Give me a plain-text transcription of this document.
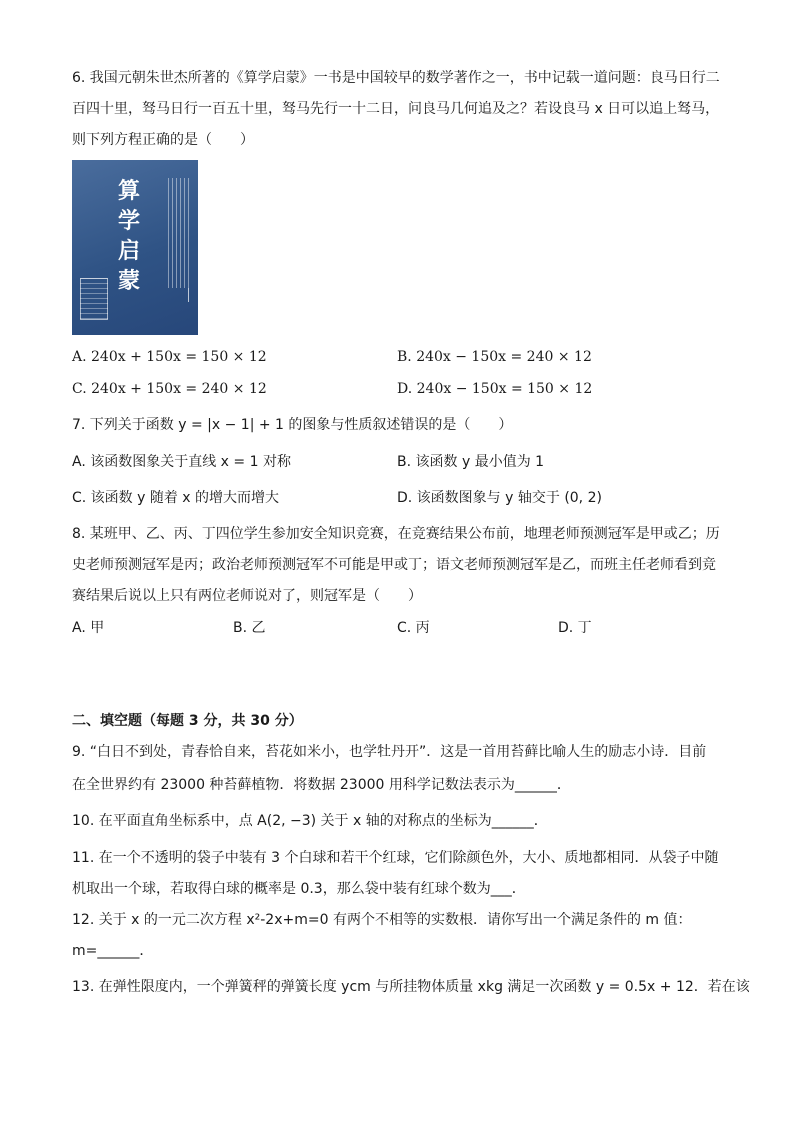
6. 我国元朝朱世杰所著的《算学启蒙》一书是中国较早的数学著作之一，书中记载一道问题：良马日行二
百四十里，驽马日行一百五十里，驽马先行一十二日，问良马几何追及之？若设良马 x 日可以追上驽马，
则下列方程正确的是（　　）
算
学
启
蒙
A. 240x + 150x = 150 × 12	B. 240x − 150x = 240 × 12
C. 240x + 150x = 240 × 12	D. 240x − 150x = 150 × 12
7. 下列关于函数 y = |x − 1| + 1 的图象与性质叙述错误的是（　　）
A. 该函数图象关于直线 x = 1 对称	B. 该函数 y 最小值为 1
C. 该函数 y 随着 x 的增大而增大	D. 该函数图象与 y 轴交于 (0, 2)
8. 某班甲、乙、丙、丁四位学生参加安全知识竞赛，在竞赛结果公布前，地理老师预测冠军是甲或乙；历
史老师预测冠军是丙；政治老师预测冠军不可能是甲或丁；语文老师预测冠军是乙，而班主任老师看到竞
赛结果后说以上只有两位老师说对了，则冠军是（　　）
A. 甲	B. 乙	C. 丙	D. 丁
二、填空题（每题 3 分，共 30 分）
9. “白日不到处，青春恰自来，苔花如米小，也学牡丹开”．这是一首用苔藓比喻人生的励志小诗．目前
在全世界约有 23000 种苔藓植物．将数据 23000 用科学记数法表示为______．
10. 在平面直角坐标系中，点 A(2, −3) 关于 x 轴的对称点的坐标为______．
11. 在一个不透明的袋子中装有 3 个白球和若干个红球，它们除颜色外，大小、质地都相同．从袋子中随
机取出一个球，若取得白球的概率是 0.3，那么袋中装有红球个数为___．
12. 关于 x 的一元二次方程 x²-2x+m=0 有两个不相等的实数根．请你写出一个满足条件的 m 值：
m=______．
13. 在弹性限度内，一个弹簧秤的弹簧长度 ycm 与所挂物体质量 xkg 满足一次函数 y = 0.5x + 12．若在该
